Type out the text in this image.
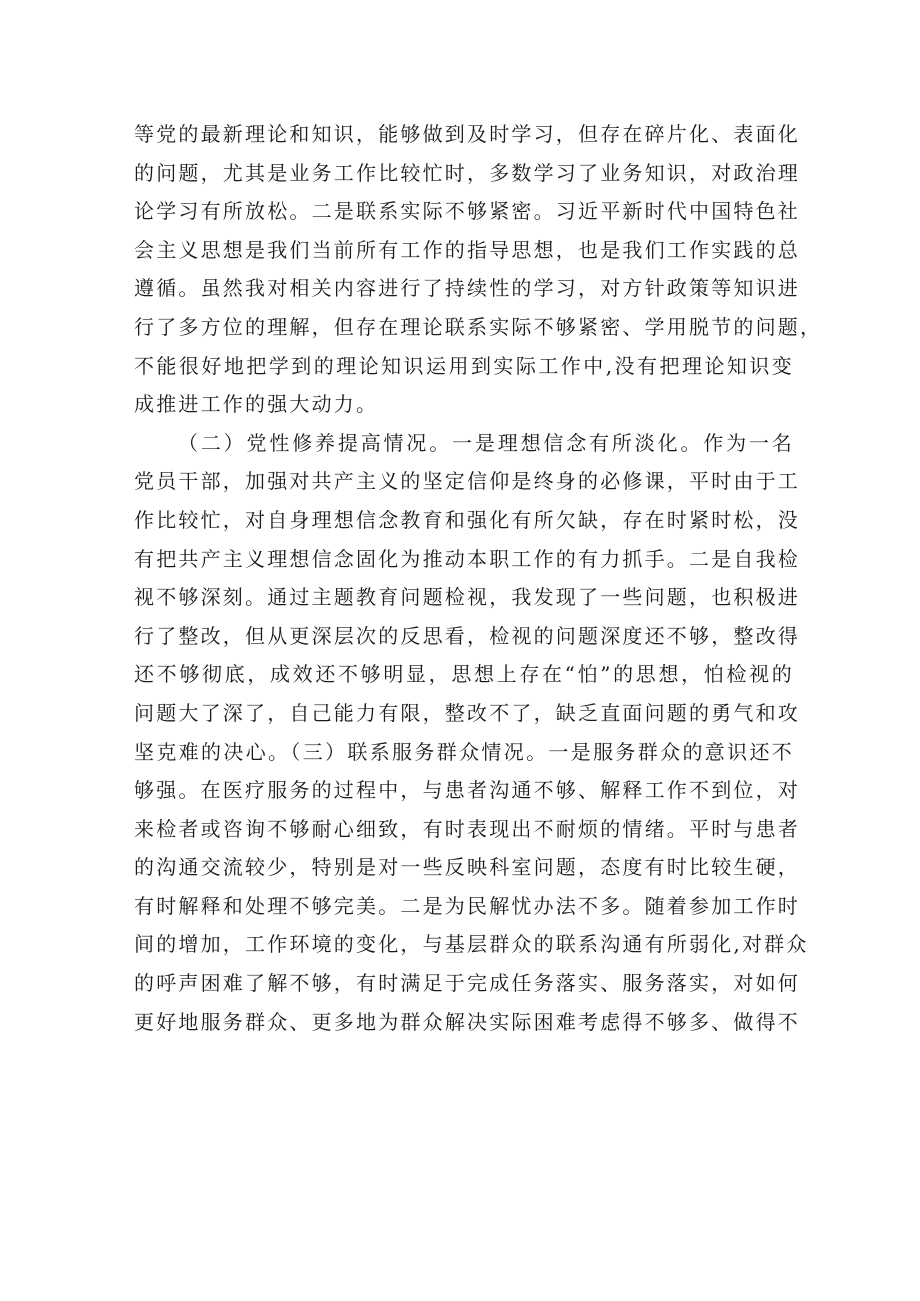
等党的最新理论和知识，能够做到及时学习，但存在碎片化、表面化
的问题，尤其是业务工作比较忙时，多数学习了业务知识，对政治理
论学习有所放松。二是联系实际不够紧密。习近平新时代中国特色社
会主义思想是我们当前所有工作的指导思想，也是我们工作实践的总
遵循。虽然我对相关内容进行了持续性的学习，对方针政策等知识进
行了多方位的理解，但存在理论联系实际不够紧密、学用脱节的问题，
不能很好地把学到的理论知识运用到实际工作中,没有把理论知识变
成推进工作的强大动力。
（二）党性修养提高情况。一是理想信念有所淡化。作为一名
党员干部，加强对共产主义的坚定信仰是终身的必修课，平时由于工
作比较忙，对自身理想信念教育和强化有所欠缺，存在时紧时松，没
有把共产主义理想信念固化为推动本职工作的有力抓手。二是自我检
视不够深刻。通过主题教育问题检视，我发现了一些问题，也积极进
行了整改，但从更深层次的反思看，检视的问题深度还不够，整改得
还不够彻底，成效还不够明显，思想上存在“怕”的思想，怕检视的
问题大了深了，自己能力有限，整改不了，缺乏直面问题的勇气和攻
坚克难的决心。（三）联系服务群众情况。一是服务群众的意识还不
够强。在医疗服务的过程中，与患者沟通不够、解释工作不到位，对
来检者或咨询不够耐心细致，有时表现出不耐烦的情绪。平时与患者
的沟通交流较少，特别是对一些反映科室问题，态度有时比较生硬，
有时解释和处理不够完美。二是为民解忧办法不多。随着参加工作时
间的增加，工作环境的变化，与基层群众的联系沟通有所弱化,对群众
的呼声困难了解不够，有时满足于完成任务落实、服务落实，对如何
更好地服务群众、更多地为群众解决实际困难考虑得不够多、做得不
